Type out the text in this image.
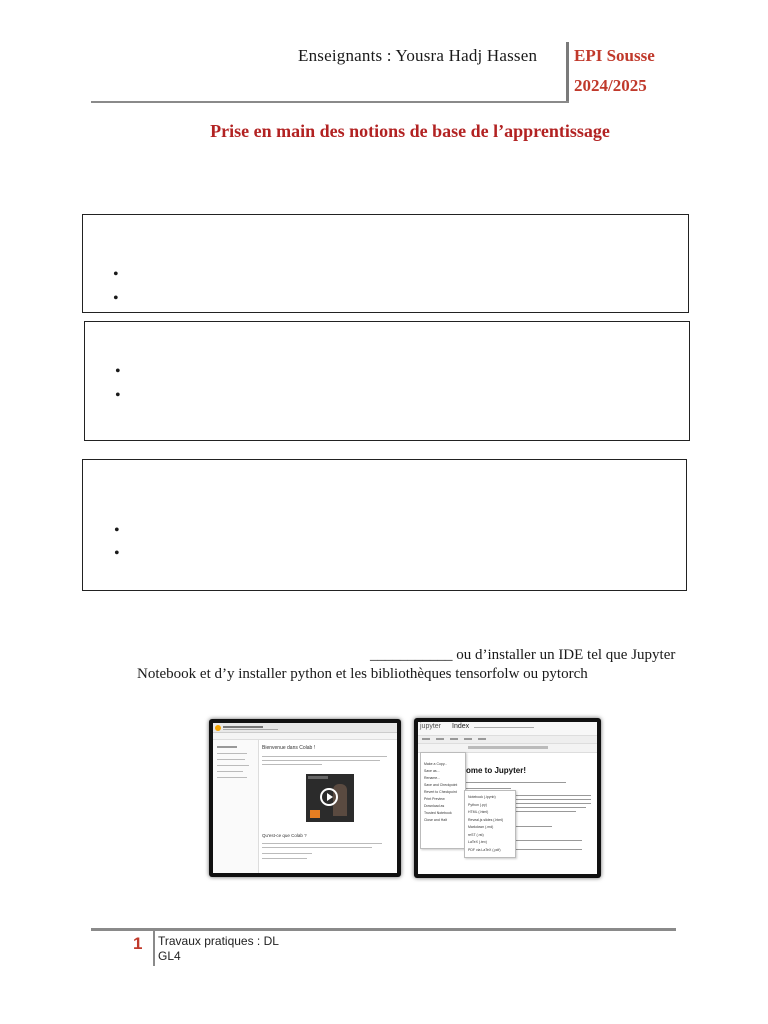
Enseignants : Yousra Hadj Hassen EPI Sousse
2024/2025
Prise en main des notions de base de l’apprentissage
•
•
•
•
•
•
___________ ou d’installer un IDE tel que Jupyter
Notebook et d’y installer python et les bibliothèques tensorfolw ou pytorch
Bienvenue dans Colab !
Qu'est-ce que Colab ?
jupyter Index
ome to Jupyter!
Make a Copy...
Save as...
Rename...
Save and Checkpoint
Revert to Checkpoint
Print Preview
Download as
Trusted Notebook
Close and Halt
Notebook (.ipynb)
Python (.py)
HTML (.html)
Reveal.js slides (.html)
Markdown (.md)
reST (.rst)
LaTeX (.tex)
PDF via LaTeX (.pdf)
1 Travaux pratiques : DL
GL4
